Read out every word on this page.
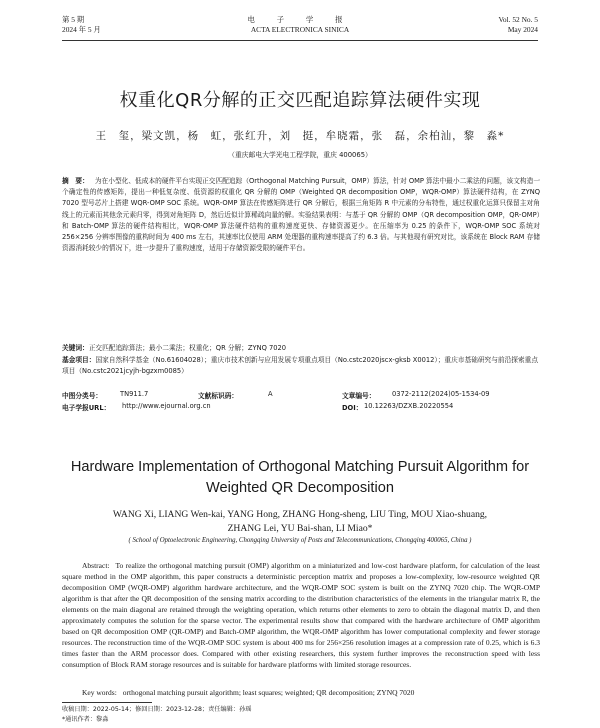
第 5 期
2024 年 5 月
电 子 学 报
ACTA ELECTRONICA SINICA
Vol. 52 No. 5
May 2024
权重化QR分解的正交匹配追踪算法硬件实现
王　玺，梁文凯，杨　虹，张红升，刘　挺，牟晓霜，张　磊，余柏汕，黎　淼*
（重庆邮电大学光电工程学院，重庆 400065）
摘　要： 为在小型化、低成本的硬件平台实现正交匹配追踪（Orthogonal Matching Pursuit，OMP）算法，针对 OMP 算法中最小二乘法的问题，该文构造一个确定性的传感矩阵，提出一种低复杂度、低资源的权重化 QR 分解的 OMP（Weighted QR decomposition OMP，WQR-OMP）算法硬件结构，在 ZYNQ 7020 型号芯片上搭建 WQR-OMP SOC 系统。WQR-OMP 算法在传感矩阵进行 QR 分解后，根据三角矩阵 R 中元素的分布特性，通过权重化运算只保留主对角线上的元素而其他余元素归零，得到对角矩阵 D，然后近似计算稀疏向量的解。实验结果表明：与基于 QR 分解的 OMP（QR decomposition OMP，QR-OMP）和 Batch-OMP 算法的硬件结构相比，WQR-OMP 算法硬件结构的重构速度更快、存储资源更少。在压缩率为 0.25 的条件下，WQR-OMP SOC 系统对 256×256 分辨率图像的重构时间为 400 ms 左右，其速率比仅使用 ARM 处理器的重构速率提高了约 6.3 倍。与其他现有研究对比，该系统在 Block RAM 存储资源消耗较少的情况下，进一步提升了重构速度，适用于存储资源受限的硬件平台。
关键词：正交匹配追踪算法；最小二乘法；权重化；QR 分解；ZYNQ 7020
基金项目：国家自然科学基金（No.61604028）；重庆市技术创新与应用发展专项重点项目（No.cstc2020jscx-gksb X0012）；重庆市基础研究与前沿探索重点项目（No.cstc2021jcyjh-bgzxm0085）
中图分类号：	TN911.7	文献标识码：	A	文章编号： 0372-2112(2024)05-1534-09
电子学报URL： http://www.ejournal.org.cn	DOI： 10.12263/DZXB.20220554
Hardware Implementation of Orthogonal Matching Pursuit Algorithm for
Weighted QR Decomposition
WANG Xi, LIANG Wen-kai, YANG Hong, ZHANG Hong-sheng, LIU Ting, MOU Xiao-shuang,
ZHANG Lei, YU Bai-shan, LI Miao*
( School of Optoelectronic Engineering, Chongqing University of Posts and Telecommunications, Chongqing 400065, China )
Abstract: To realize the orthogonal matching pursuit (OMP) algorithm on a miniaturized and low-cost hardware platform, for calculation of the least square method in the OMP algorithm, this paper constructs a deterministic perception matrix and proposes a low-complexity, low-resource weighted QR decomposition OMP (WQR-OMP) algorithm hardware architecture, and the WQR-OMP SOC system is built on the ZYNQ 7020 chip. The WQR-OMP algorithm is that after the QR decomposition of the sensing matrix according to the distribution characteristics of the elements in the triangular matrix R, the elements on the main diagonal are retained through the weighting operation, which returns other elements to zero to obtain the diagonal matrix D, and then approximately computes the solution for the sparse vector. The experimental results show that compared with the hardware architecture of OMP algorithm based on QR decomposition OMP (QR-OMP) and Batch-OMP algorithm, the WQR-OMP algorithm has lower computational complexity and fewer storage resources. The reconstruction time of the WQR-OMP SOC system is about 400 ms for 256×256 resolution images at a compression rate of 0.25, which is 6.3 times faster than the ARM processor does. Compared with other existing researchers, this system further improves the reconstruction speed with less consumption of Block RAM storage resources and is suitable for hardware platforms with limited storage resources.
Key words: orthogonal matching pursuit algorithm; least squares; weighted; QR decomposition; ZYNQ 7020
收稿日期：2022-05-14；修回日期：2023-12-28；责任编辑：孙瑶
*通讯作者：黎淼
